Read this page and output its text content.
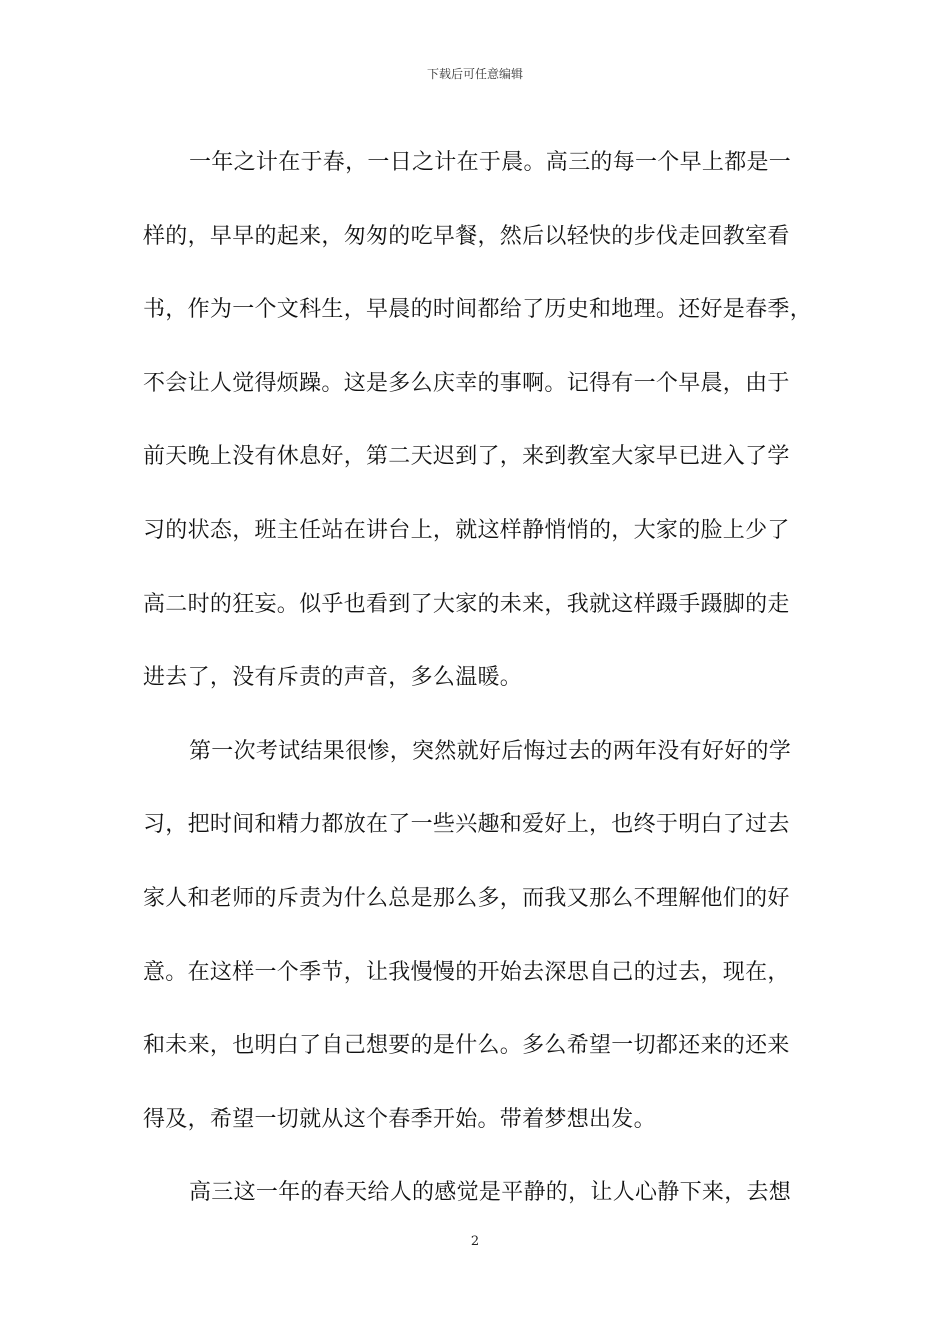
下载后可任意编辑
一年之计在于春，一日之计在于晨。高三的每一个早上都是一
样的，早早的起来，匆匆的吃早餐，然后以轻快的步伐走回教室看
书，作为一个文科生，早晨的时间都给了历史和地理。还好是春季，
不会让人觉得烦躁。这是多么庆幸的事啊。记得有一个早晨，由于
前天晚上没有休息好，第二天迟到了，来到教室大家早已进入了学
习的状态，班主任站在讲台上，就这样静悄悄的，大家的脸上少了
高二时的狂妄。似乎也看到了大家的未来，我就这样蹑手蹑脚的走
进去了，没有斥责的声音，多么温暖。
第一次考试结果很惨，突然就好后悔过去的两年没有好好的学
习，把时间和精力都放在了一些兴趣和爱好上，也终于明白了过去
家人和老师的斥责为什么总是那么多，而我又那么不理解他们的好
意。在这样一个季节，让我慢慢的开始去深思自己的过去，现在，
和未来，也明白了自己想要的是什么。多么希望一切都还来的还来
得及，希望一切就从这个春季开始。带着梦想出发。
高三这一年的春天给人的感觉是平静的，让人心静下来，去想
2
